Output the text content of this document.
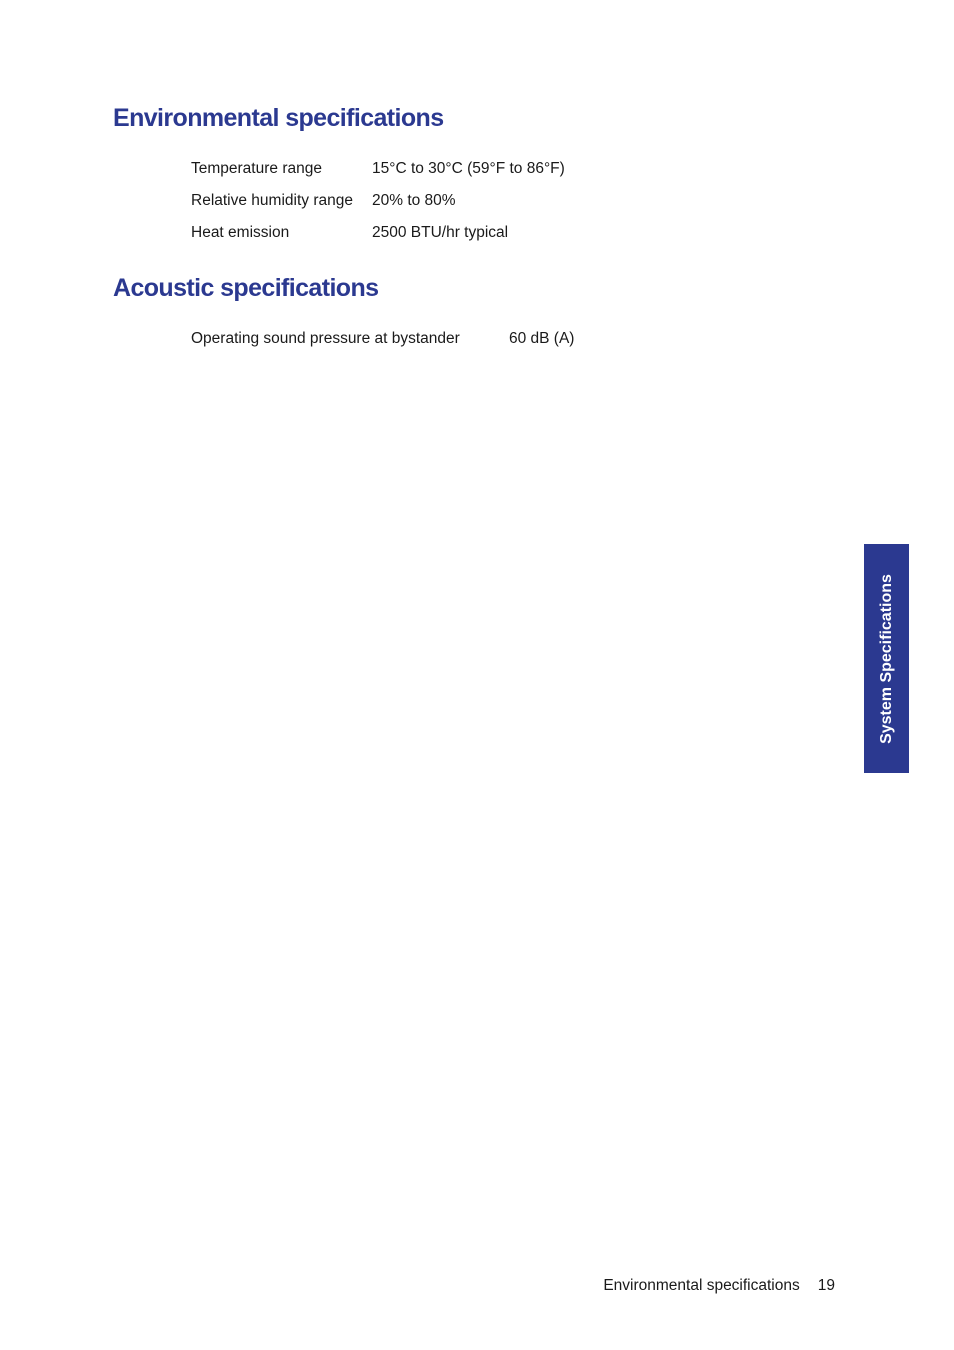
Environmental specifications
Temperature range	15°C to 30°C (59°F to 86°F)
Relative humidity range 20% to 80%
Heat emission	2500 BTU/hr typical
Acoustic specifications
Operating sound pressure at bystander	60 dB (A)
System Specifications
Environmental specifications 19
